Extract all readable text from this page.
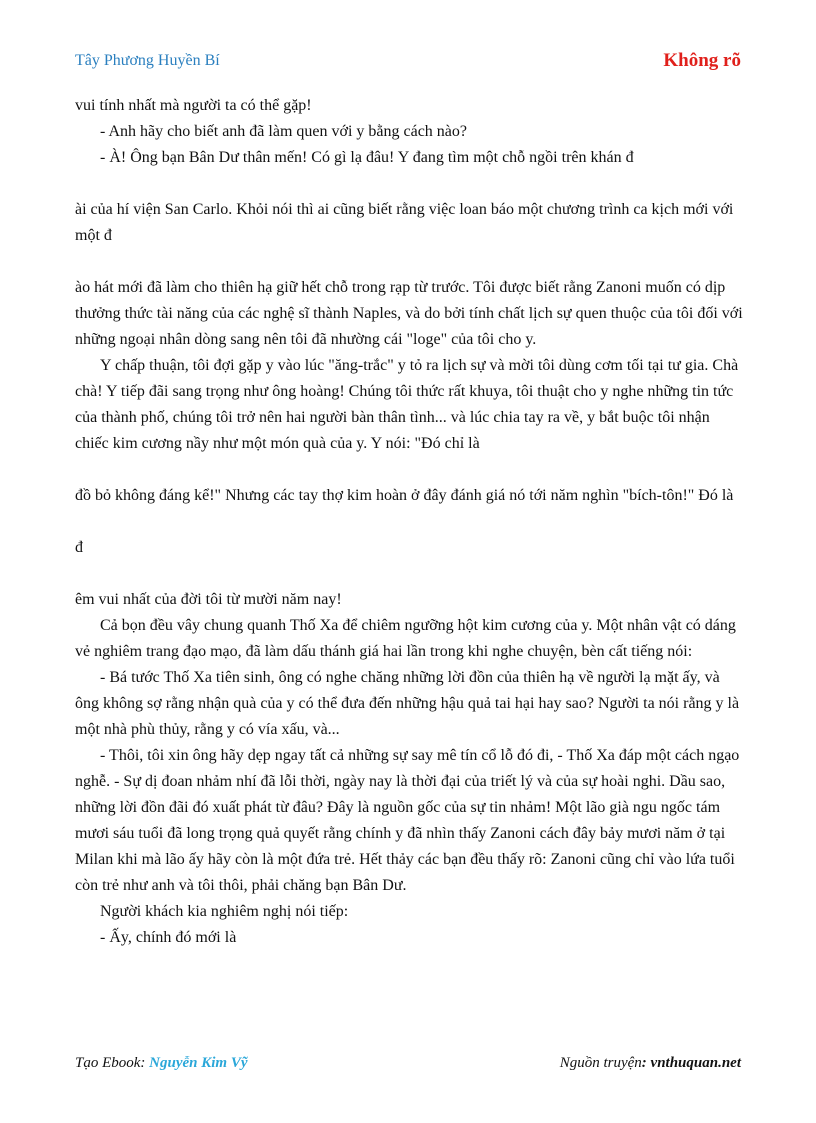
Tây Phương Huyền Bí	Không rõ

vui tính nhất mà người ta có thể gặp!

- Anh hãy cho biết anh đã làm quen với y bằng cách nào?

- À! Ông bạn Bân Dư thân mến! Có gì lạ đâu! Y đang tìm một chỗ ngồi trên khán đ

ài của hí viện San Carlo. Khỏi nói thì ai cũng biết rằng việc loan báo một chương trình ca kịch mới với một đ

ào hát mới đã làm cho thiên hạ giữ hết chỗ trong rạp từ trước. Tôi được biết rằng Zanoni muốn có dịp thưởng thức tài năng của các nghệ sĩ thành Naples, và do bởi tính chất lịch sự quen thuộc của tôi đối với những ngoại nhân dòng sang nên tôi đã nhường cái "loge" của tôi cho y.

Y chấp thuận, tôi đợi gặp y vào lúc "ăng-trắc" y tỏ ra lịch sự và mời tôi dùng cơm tối tại tư gia. Chà chà! Y tiếp đãi sang trọng như ông hoàng! Chúng tôi thức rất khuya, tôi thuật cho y nghe những tin tức của thành phố, chúng tôi trở nên hai người bàn thân tình... và lúc chia tay ra về, y bắt buộc tôi nhận chiếc kim cương nầy như một món quà của y. Y nói: "Đó chỉ là

đồ bỏ không đáng kể!" Nhưng các tay thợ kim hoàn ở đây đánh giá nó tới năm nghìn "bích-tôn!" Đó là

đ

êm vui nhất của đời tôi từ mười năm nay!

Cả bọn đều vây chung quanh Thố Xa để chiêm ngưỡng hột kim cương của y. Một nhân vật có dáng vẻ nghiêm trang đạo mạo, đã làm dấu thánh giá hai lần trong khi nghe chuyện, bèn cất tiếng nói:

- Bá tước Thố Xa tiên sinh, ông có nghe chăng những lời đồn của thiên hạ về người lạ mặt ấy, và ông không sợ rằng nhận quà của y có thể đưa đến những hậu quả tai hại hay sao? Người ta nói rằng y là một nhà phù thủy, rằng y có vía xấu, và...

- Thôi, tôi xin ông hãy dẹp ngay tất cả những sự say mê tín cổ lỗ đó đi, - Thố Xa đáp một cách ngạo nghễ. - Sự dị đoan nhảm nhí đã lỗi thời, ngày nay là thời đại của triết lý và của sự hoài nghi. Dầu sao, những lời đồn đãi đó xuất phát từ đâu? Đây là nguồn gốc của sự tin nhảm! Một lão già ngu ngốc tám mươi sáu tuổi đã long trọng quả quyết rằng chính y đã nhìn thấy Zanoni cách đây bảy mươi năm ở tại Milan khi mà lão ấy hãy còn là một đứa trẻ. Hết thảy các bạn đều thấy rõ: Zanoni cũng chỉ vào lứa tuổi còn trẻ như anh và tôi thôi, phải chăng bạn Bân Dư.

Người khách kia nghiêm nghị nói tiếp:

- Ấy, chính đó mới là

Tạo Ebook: Nguyễn Kim Vỹ	Nguồn truyện: vnthuquan.net
